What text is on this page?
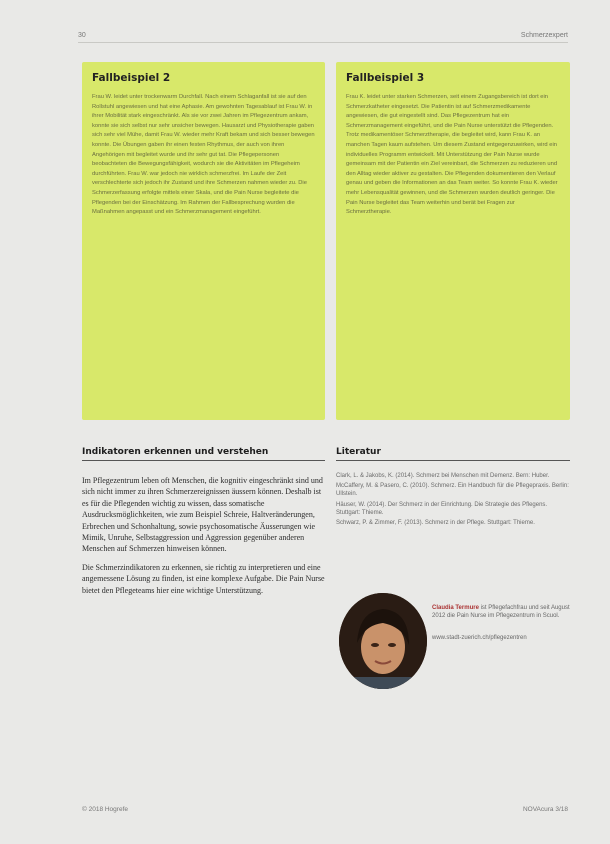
30	Schmerzexpert
Fallbeispiel 2

Frau W. leidet unter trockenwarm Durchfall. Nach einem Schlaganfall ist sie auf den Rollstuhl angewiesen und hat eine Aphasie. Am gewohnten Tagesablauf ist Frau W. in ihrer Mobilität stark eingeschränkt. Als sie vor zwei Jahren im Pflegezentrum ankam, konnte sie sich selbst nur sehr unsicher bewegen. Hausarzt und Physiotherapie gaben sich sehr viel Mühe, damit Frau W. wieder mehr Kraft bekam und sich besser bewegen konnte. Die Übungen gaben ihr einen festen Rhythmus, der auch von ihren Angehörigen mit begleitet wurde und ihr sehr gut tat. Die Pflegepersonen beobachteten die Bewegungsfähigkeit, wodurch sie die Aktivitäten im Pflegeheim durchführten. Frau W. war jedoch nie wirklich schmerzfrei. Im Laufe der Zeit verschlechterte sich jedoch ihr Zustand und ihre Schmerzen nahmen wieder zu. Die Schmerzerfassung erfolgte mittels einer Skala, und die Pain Nurse begleitete die Pflegenden bei der Einschätzung. Im Rahmen der Fallbesprechung wurden die Maßnahmen angepasst und ein Schmerzmanagement eingeführt.

Fallbeispiel 3

Frau K. leidet unter starken Schmerzen, seit einem Zugangsbereich ist dort ein Schmerzkatheter eingesetzt. Die Patientin ist auf Schmerzmedikamente angewiesen, die gut eingestellt sind. Das Pflegezentrum hat ein Schmerzmanagement eingeführt, und die Pain Nurse unterstützt die Pflegenden. Trotz medikamentöser Schmerztherapie, die begleitet wird, kann Frau K. an manchen Tagen kaum aufstehen. Um diesem Zustand entgegenzuwirken, wird ein individuelles Programm entwickelt. Mit Unterstützung der Pain Nurse wurde gemeinsam mit der Patientin ein Ziel vereinbart, die Schmerzen zu reduzieren und den Alltag wieder aktiver zu gestalten. Die Pflegenden dokumentieren den Verlauf genau und geben die Informationen an das Team weiter. So konnte Frau K. wieder mehr Lebensqualität gewinnen, und die Schmerzen wurden deutlich geringer. Die Pain Nurse begleitet das Team weiterhin und berät bei Fragen zur Schmerztherapie.

Indikatoren erkennen und verstehen

Im Pflegezentrum leben oft Menschen, die kognitiv eingeschränkt sind und sich nicht immer zu ihren Schmerzereignissen äussern können. Deshalb ist es für die Pflegenden wichtig zu wissen, dass somatische Ausdrucksmöglichkeiten, wie zum Beispiel Schreie, Haltveränderungen, Erbrechen und Schonhaltung, sowie psychosomatische Äusserungen wie Mimik, Unruhe, Selbstaggression und Aggression gegenüber anderen Menschen auf Schmerzen hinweisen können.

Die Schmerzindikatoren zu erkennen, sie richtig zu interpretieren und eine angemessene Lösung zu finden, ist eine komplexe Aufgabe. Die Pain Nurse bietet den Pflegeteams hier eine wichtige Unterstützung.

Literatur
Clark, L. & Jakobs, K. (2014). Schmerz bei Menschen mit Demenz. Bern: Huber.
McCaffery, M. & Pasero, C. (2010). Schmerz. Ein Handbuch für die Pflegepraxis. Berlin: Ullstein.
Häuser, W. (2014). Der Schmerz in der Einrichtung. Die Strategie des Pflegens. Stuttgart: Thieme.
Schwarz, P. & Zimmer, F. (2013). Schmerz in der Pflege. Stuttgart: Thieme.
Claudia Termure ist Pflegefachfrau und seit August 2012 die Pain Nurse im Pflegezentrum in Scuol.
www.stadt-zuerich.ch/pflegezentren
© 2018 Hogrefe	NOVAcura 3/18
